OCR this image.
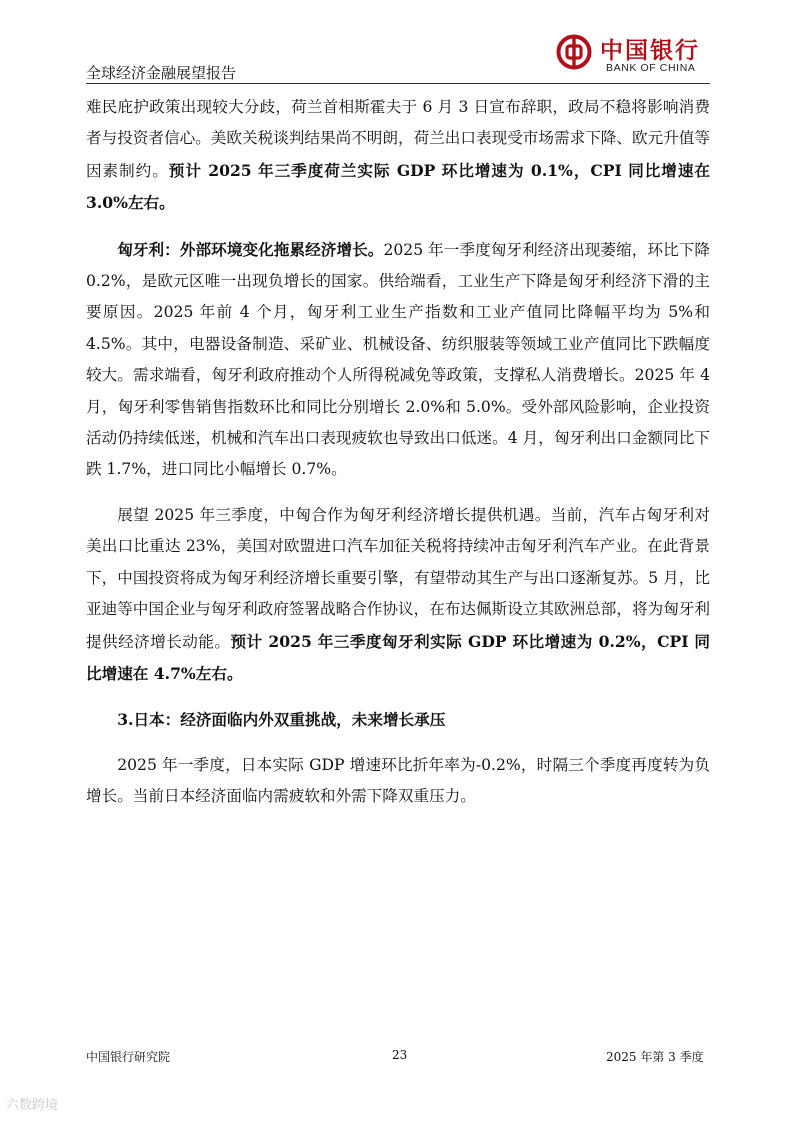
全球经济金融展望报告
中国银行
BANK OF CHINA

难民庇护政策出现较大分歧，荷兰首相斯霍夫于 6 月 3 日宣布辞职，政局不稳将影响消费者与投资者信心。美欧关税谈判结果尚不明朗，荷兰出口表现受市场需求下降、欧元升值等因素制约。预计 2025 年三季度荷兰实际 GDP 环比增速为 0.1%，CPI 同比增速在 3.0%左右。

匈牙利：外部环境变化拖累经济增长。2025 年一季度匈牙利经济出现萎缩，环比下降 0.2%，是欧元区唯一出现负增长的国家。供给端看，工业生产下降是匈牙利经济下滑的主要原因。2025 年前 4 个月，匈牙利工业生产指数和工业产值同比降幅平均为 5%和 4.5%。其中，电器设备制造、采矿业、机械设备、纺织服装等领域工业产值同比下跌幅度较大。需求端看，匈牙利政府推动个人所得税减免等政策，支撑私人消费增长。2025 年 4 月，匈牙利零售销售指数环比和同比分别增长 2.0%和 5.0%。受外部风险影响，企业投资活动仍持续低迷，机械和汽车出口表现疲软也导致出口低迷。4 月，匈牙利出口金额同比下跌 1.7%，进口同比小幅增长 0.7%。

展望 2025 年三季度，中匈合作为匈牙利经济增长提供机遇。当前，汽车占匈牙利对美出口比重达 23%，美国对欧盟进口汽车加征关税将持续冲击匈牙利汽车产业。在此背景下，中国投资将成为匈牙利经济增长重要引擎，有望带动其生产与出口逐渐复苏。5 月，比亚迪等中国企业与匈牙利政府签署战略合作协议，在布达佩斯设立其欧洲总部，将为匈牙利提供经济增长动能。预计 2025 年三季度匈牙利实际 GDP 环比增速为 0.2%，CPI 同比增速在 4.7%左右。

3.日本：经济面临内外双重挑战，未来增长承压

2025 年一季度，日本实际 GDP 增速环比折年率为-0.2%，时隔三个季度再度转为负增长。当前日本经济面临内需疲软和外需下降双重压力。

中国银行研究院	23	2025 年第 3 季度
六数跨境
